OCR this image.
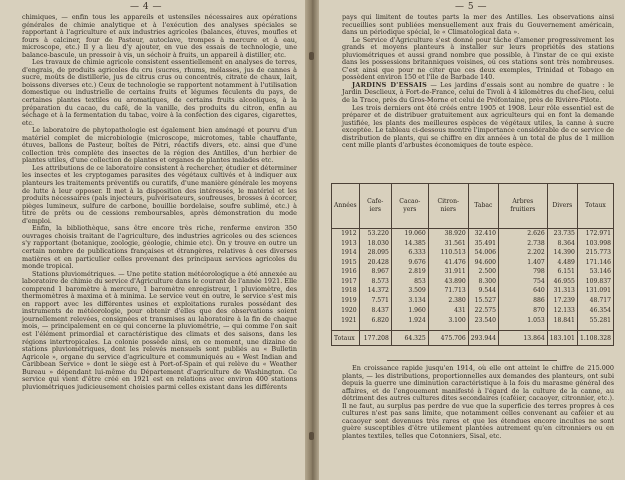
— 4 —

chimiques, — enfin tous les appareils et ustensiles nécessaires aux opérations générales de chimie analytique et à l'exécution des analyses spéciales se rapportant à l'agriculture et aux industries agricoles (balances, étuves, moufles et fours à calciner, four de Pasteur, autoclave, trompes à mercure et à eau, microscope, etc.) Il y a lieu d'y ajouter, en vue des essais de technologie, une balance-bascule, un pressoir à vis, un séchoir à fruits, un appareil à distiller, etc.

Les travaux de chimie agricole consistent essentiellement en analyses de terres, d'engrais, de produits agricoles du cru (sucres, rhums, mélasses, jus de cannes à sucre, moûts de distillerie, jus de citrus crus ou concentrés, citrate de chaux, lait, boissons diverses etc.) Ceux de technologie se rapportent notamment à l'utilisation domestique ou industrielle de certains fruits et légumes féculents du pays, de certaines plantes textiles ou aromatiques, de certains fruits alcooliques, à la préparation du cacao, du café, de la vanille, des produits du citron, enfin au séchage et à la fermentation du tabac, voire à la confection des cigares, cigarettes, etc.

Le laboratoire de phytopathologie est également bien aménagé et pourvu d'un matériel complet de microbiologie (microscope, microtomes, table chauffante, étuves, ballons de Pasteur, boîtes de Pétri, réactifs divers, etc. ainsi que d'une collection très complète des insectes de la région des Antilles, d'un herbier de plantes utiles, d'une collection de plantes et organes de plantes malades etc.

Les attributions de ce laboratoire consistent à rechercher, étudier et déterminer les insectes et les cryptogames parasites des végétaux cultivés et à indiquer aux planteurs les traitements préventifs ou curatifs, d'une manière générale les moyens de lutte à leur opposer. Il met à la disposition des intéressés, le matériel et les produits nécessaires (pals injecteurs, pulvérisateurs, soufreuses, brosses à écorcer, pièges lumineux, sulfure de carbone, bouillie bordelaise, soufre sublimé, etc.) à titre de prêts ou de cessions remboursables, après démonstration du mode d'emploi.

Enfin, la bibliothèque, sans être encore très riche, renferme environ 350 ouvrages choisis traitant de l'agriculture, des industries agricoles ou des sciences s'y rapportant (botanique, zoologie, géologie, chimie etc). On y trouve en outre un certain nombre de publications françaises et étrangères, relatives à ces diverses matières et en particulier celles provenant des principaux services agricoles du monde tropical.

Stations pluviométriques. — Une petite station météorologique a été annexée au laboratoire de chimie du service d'Agriculture dans le courant de l'année 1921. Elle comprend 1 baromètre à mercure, 1 baromètre enregistreur, 1 pluviomètre, des thermomètres à maxima et à minima. Le service veut en outre, le service s'est mis en rapport avec les différentes usines et exploitations rurales possédant des instruments de météorologie, pour obtenir d'elles que des observations soient journellement relevées, consignées et transmises au laboratoire à la fin de chaque mois, — principalement en ce qui concerne la pluviométrie, — qui comme l'on sait est l'élément primordial et caractéristique des climats et des saisons, dans les régions intertropicales. La colonie possède ainsi, en ce moment, une dizaine de stations pluviométriques, dont les relevés mensuels sont publiés au « Bulletin Agricole », organe du service d'agriculture et communiqués au « West Indian and Caribbean Service » dont le siège est à Port-of-Spain et qui relève du « Weather Bureau » dépendant lui-même du Département d'agriculture de Washington. Ce service qui vient d'être créé en 1921 est en relations avec environ 400 stations pluviométriques judicieusement choisies parmi celles existant dans les différents

— 5 —

pays qui limitent de toutes parts la mer des Antilles. Les observations ainsi recueillies sont publiées mensuellement aux frais du Gouvernement américain, dans un périodique spécial, le « Climatological data ».

Le Service d'Agriculture s'est donné pour tâche d'amener progressivement les grands et moyens planteurs à installer sur leurs propriétés des stations pluviométriques et aussi grand nombre que possible, à l'instar de ce qui existe dans les possessions britanniques voisines, où ces stations sont très nombreuses. C'est ainsi que pour ne citer que ces deux exemples, Trinidad et Tobago en possèdent environ 150 et l'île de Barbade 140.

JARDINS D'ESSAIS — Les jardins d'essais sont au nombre de quatre : le Jardin Desclieux, à Fort-de-France, celui de Tivoli à 4 kilomètres du chef-lieu, celui de la Trace, près du Gros-Morne et celui de Préfontaine, près de Rivière-Pilote.

Les trois derniers ont été créés entre 1905 et 1908. Leur rôle essentiel est de préparer et de distribuer gratuitement aux agriculteurs qui en font la demande justifiée, les plants des meilleures espèces de végétaux utiles, la canne à sucre exceptée. Le tableau ci-dessous montre l'importance considérable de ce service de distribution de plants, qui se chiffre en dix années à un total de plus de 1 million cent mille plants d'arbustes économiques de toute espèce.

En croissance rapide jusqu'en 1914, où elle ont atteint le chiffre de 215.000 plants, — les distributions, proportionnelles aux demandes des planteurs, ont subi depuis la guerre une diminution caractéristique à la fois du marasme général des affaires, et de l'engouement manifesté à l'égard de la culture de la canne, au détriment des autres cultures dites secondaires (caféier, cacaoyer, citronnier, etc.). Il ne faut, au surplus pas perdre de vue que la superficie des terres propres à ces cultures n'est pas sans limite, que notamment celles convenant au caféier et au cacaoyer sont devenues très rares et que les étendues encore incultes ne sont guère susceptibles d'être utilement plantées autrement qu'en citronniers ou en plantes textiles, telles que Cotonniers, Sisal, etc.

Années	Cafe-iers	Cacao-yers	Citron-niers	Tabac	Arbres fruitiers	Divers	Totaux
1912	53.220	19.060	38.920	32.410	2.626	23.735	172.971
1913	18.030	14.385	31.561	35.491	2.738	8.364	103.998
1914	28.095	6.333	110.513	54.006	2.202	14.390	215.773
1915	20.428	9.676	41.476	94.600	1.407	4.489	171.146
1916	8.967	2.819	31.911	2.500	798	6.151	53.146
1917	8.573	853	43.890	8.300	754	46.955	109.837
1918	14.372	3.509	71.713	9.544	640	31.313	131.091
1919	7.571	3.134	2.380	15.527	886	17.239	48.717
1920	8.437	1.960	431	22.575	870	12.133	46.354
1921	6.820	1.924	3.100	23.540	1.053	18.841	55.281
Totaux	177.208	64.325	475.706	293.944	13.864	183.101	1.108.328
